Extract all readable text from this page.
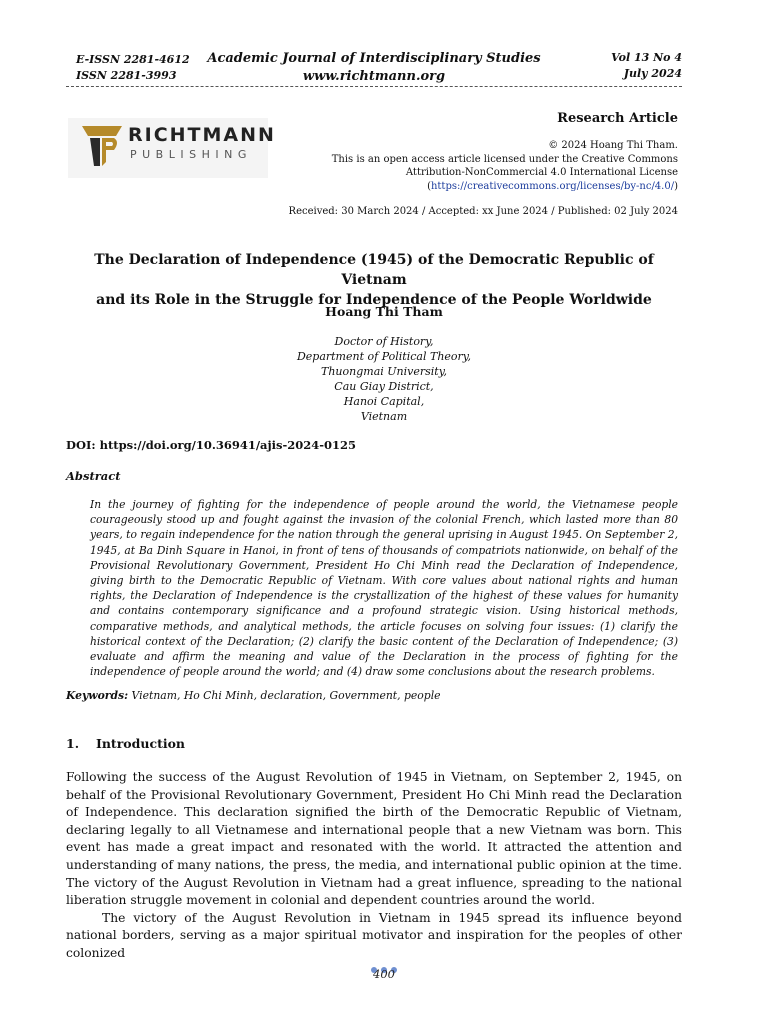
E-ISSN 2281-4612
ISSN 2281-3993
Academic Journal of Interdisciplinary Studies
www.richtmann.org
Vol 13 No 4
July 2024
Research Article
RICHTMANN
PUBLISHING
© 2024 Hoang Thi Tham.
This is an open access article licensed under the Creative Commons
Attribution-NonCommercial 4.0 International License
(https://creativecommons.org/licenses/by-nc/4.0/)
Received: 30 March 2024 / Accepted: xx June 2024 / Published: 02 July 2024
The Declaration of Independence (1945) of the Democratic Republic of Vietnam
and its Role in the Struggle for Independence of the People Worldwide
Hoang Thi Tham
Doctor of History,
Department of Political Theory,
Thuongmai University,
Cau Giay District,
Hanoi Capital,
Vietnam
DOI: https://doi.org/10.36941/ajis-2024-0125
Abstract
In the journey of fighting for the independence of people around the world, the Vietnamese people courageously stood up and fought against the invasion of the colonial French, which lasted more than 80 years, to regain independence for the nation through the general uprising in August 1945. On September 2, 1945, at Ba Dinh Square in Hanoi, in front of tens of thousands of compatriots nationwide, on behalf of the Provisional Revolutionary Government, President Ho Chi Minh read the Declaration of Independence, giving birth to the Democratic Republic of Vietnam. With core values about national rights and human rights, the Declaration of Independence is the crystallization of the highest of these values for humanity and contains contemporary significance and a profound strategic vision. Using historical methods, comparative methods, and analytical methods, the article focuses on solving four issues: (1) clarify the historical context of the Declaration; (2) clarify the basic content of the Declaration of Independence; (3) evaluate and affirm the meaning and value of the Declaration in the process of fighting for the independence of people around the world; and (4) draw some conclusions about the research problems.
Keywords: Vietnam, Ho Chi Minh, declaration, Government, people
1. Introduction

Following the success of the August Revolution of 1945 in Vietnam, on September 2, 1945, on behalf of the Provisional Revolutionary Government, President Ho Chi Minh read the Declaration of Independence. This declaration signified the birth of the Democratic Republic of Vietnam, declaring legally to all Vietnamese and international people that a new Vietnam was born. This event has made a great impact and resonated with the world. It attracted the attention and understanding of many nations, the press, the media, and international public opinion at the time. The victory of the August Revolution in Vietnam had a great influence, spreading to the national liberation struggle movement in colonial and dependent countries around the world.

The victory of the August Revolution in Vietnam in 1945 spread its influence beyond national borders, serving as a major spiritual motivator and inspiration for the peoples of other colonized

400
